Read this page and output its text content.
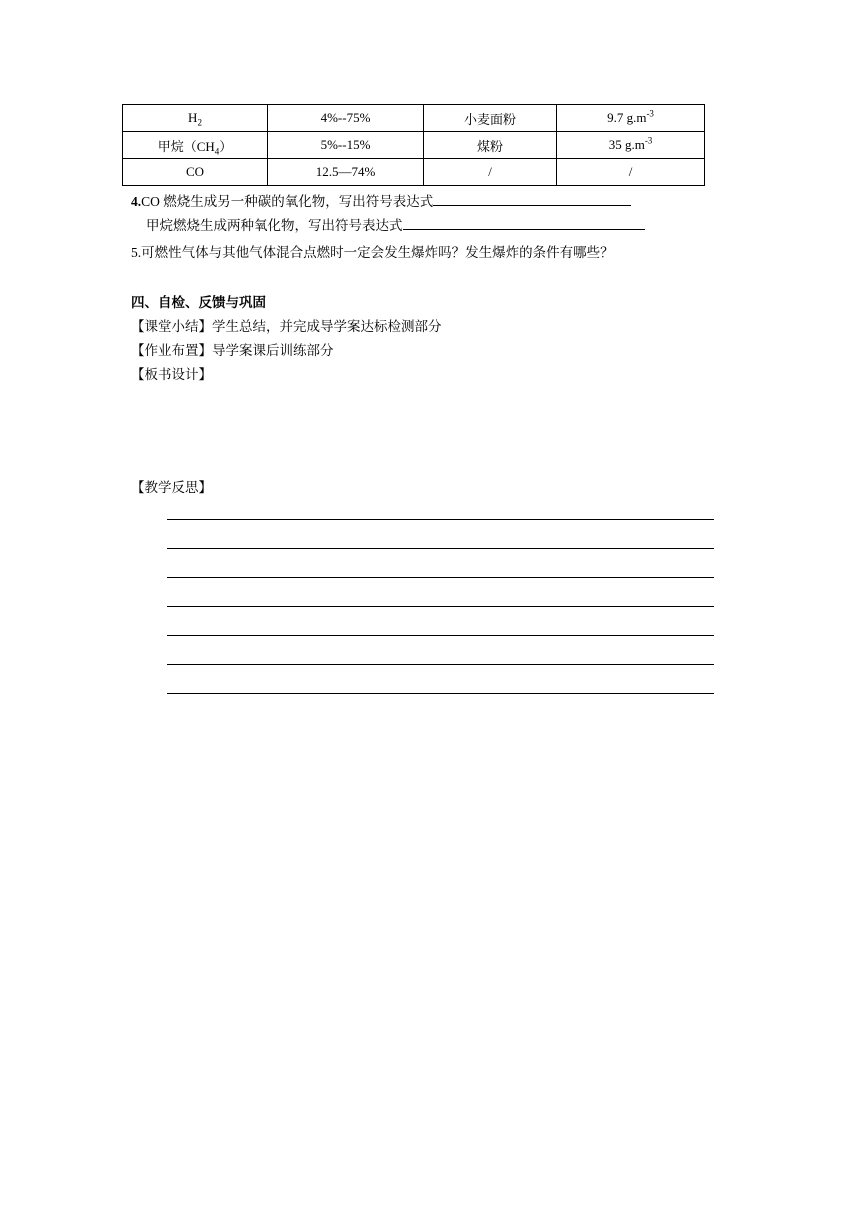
$H_2$	4%--75%	小麦面粉	9.7 $g.m^{-3}$
甲烷$(CH_4)$	5%--15%	煤粉	35 $g.m^{-3}$
CO	12.5—74%	/	/
4.CO 燃烧生成另一种碳的氧化物，写出符号表达式
甲烷燃烧生成两种氧化物，写出符号表达式
5.可燃性气体与其他气体混合点燃时一定会发生爆炸吗？发生爆炸的条件有哪些？
四、自检、反馈与巩固
【课堂小结】学生总结，并完成导学案达标检测部分
【作业布置】导学案课后训练部分
【板书设计】
【教学反思】
